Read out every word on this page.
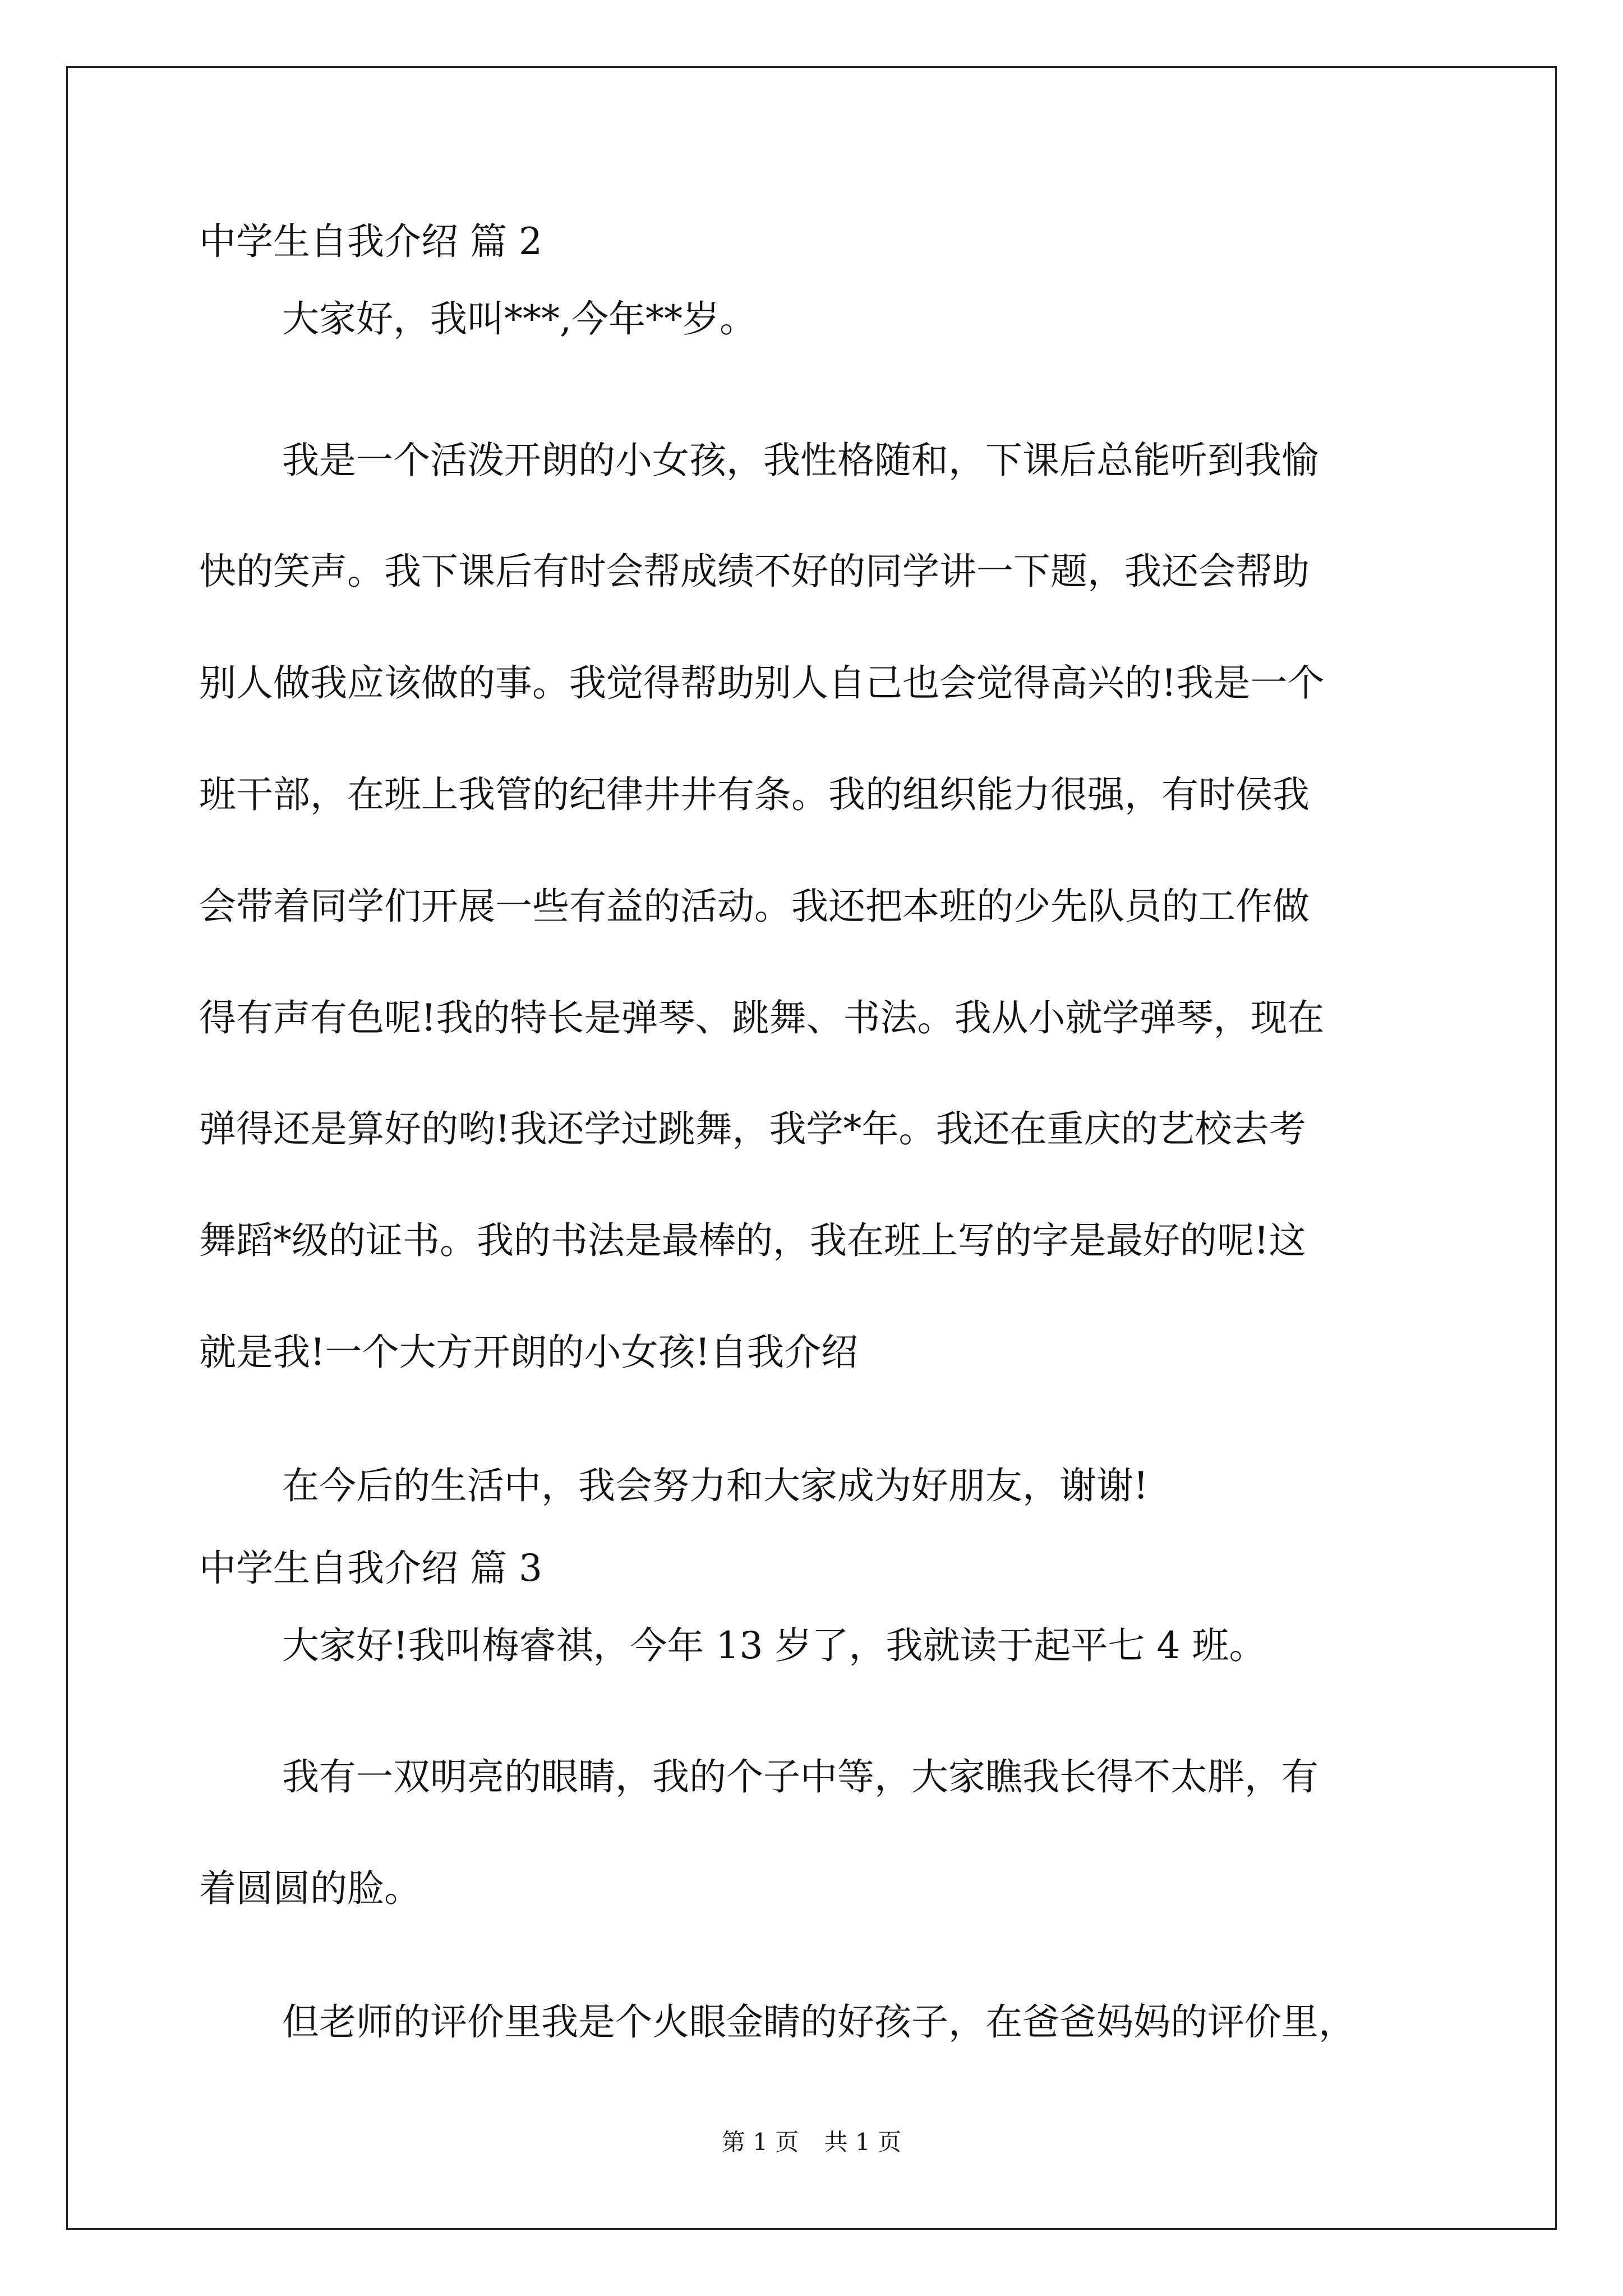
中学生自我介绍 篇 2

大家好，我叫***,今年**岁。

我是一个活泼开朗的小女孩，我性格随和，下课后总能听到我愉

快的笑声。我下课后有时会帮成绩不好的同学讲一下题，我还会帮助

别人做我应该做的事。我觉得帮助别人自己也会觉得高兴的!我是一个

班干部，在班上我管的纪律井井有条。我的组织能力很强，有时侯我

会带着同学们开展一些有益的活动。我还把本班的少先队员的工作做

得有声有色呢!我的特长是弹琴、跳舞、书法。我从小就学弹琴，现在

弹得还是算好的哟!我还学过跳舞，我学*年。我还在重庆的艺校去考

舞蹈*级的证书。我的书法是最棒的，我在班上写的字是最好的呢!这

就是我!一个大方开朗的小女孩!自我介绍

在今后的生活中，我会努力和大家成为好朋友，谢谢!

中学生自我介绍 篇 3

大家好!我叫梅睿祺，今年 13 岁了，我就读于起平七 4 班。

我有一双明亮的眼睛，我的个子中等，大家瞧我长得不太胖，有

着圆圆的脸。

但老师的评价里我是个火眼金睛的好孩子，在爸爸妈妈的评价里，

第 1 页 共 1 页
